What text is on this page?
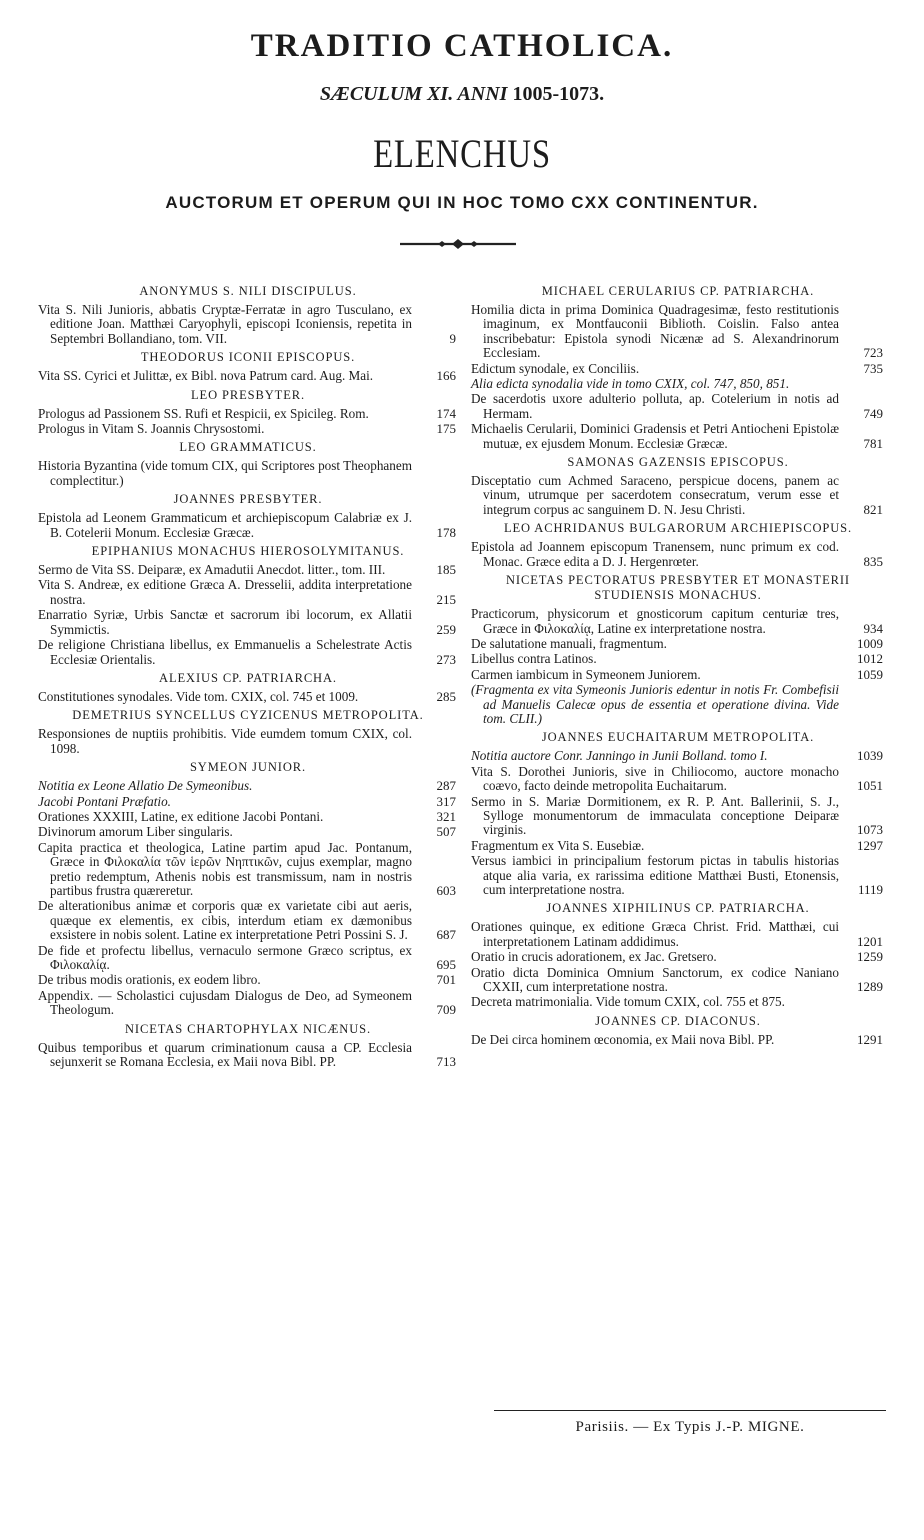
TRADITIO CATHOLICA.
SÆCULUM XI. ANNI 1005-1073.
ELENCHUS
AUCTORUM ET OPERUM QUI IN HOC TOMO CXX CONTINENTUR.
ANONYMUS S. NILI DISCIPULUS.
Vita S. Nili Junioris, abbatis Cryptæ-Ferratæ in agro Tusculano, ex editione Joan. Matthæi Caryophyli, episcopi Iconiensis, repetita in Septembri Bollandiano, tom. VII.	9
THEODORUS ICONII EPISCOPUS.
Vita SS. Cyrici et Julittæ, ex Bibl. nova Patrum card. Aug. Mai.	166
LEO PRESBYTER.
Prologus ad Passionem SS. Rufi et Respicii, ex Spicileg. Rom.	174
Prologus in Vitam S. Joannis Chrysostomi.	175
LEO GRAMMATICUS.
Historia Byzantina (vide tomum CIX, qui Scriptores post Theophanem complectitur.)
JOANNES PRESBYTER.
Epistola ad Leonem Grammaticum et archiepiscopum Calabriæ ex J. B. Cotelerii Monum. Ecclesiæ Græcæ.	178
EPIPHANIUS MONACHUS HIEROSOLYMITANUS.
Sermo de Vita SS. Deiparæ, ex Amadutii Anecdot. litter., tom. III.	185
Vita S. Andreæ, ex editione Græca A. Dresselii, addita interpretatione nostra.	215
Enarratio Syriæ, Urbis Sanctæ et sacrorum ibi locorum, ex Allatii Symmictis.	259
De religione Christiana libellus, ex Emmanuelis a Schelestrate Actis Ecclesiæ Orientalis.	273
ALEXIUS CP. PATRIARCHA.
Constitutiones synodales. Vide tom. CXIX, col. 745 et 1009.	285
DEMETRIUS SYNCELLUS CYZICENUS METROPOLITA.
Responsiones de nuptiis prohibitis. Vide eumdem tomum CXIX, col. 1098.
SYMEON JUNIOR.
Notitia ex Leone Allatio De Symeonibus.	287
Jacobi Pontani Præfatio.	317
Orationes XXXIII, Latine, ex editione Jacobi Pontani.	321
Divinorum amorum Liber singularis.	507
Capita practica et theologica, Latine partim apud Jac. Pontanum, Græce in Φιλοκαλία τῶν ἱερῶν Νηπτικῶν, cujus exemplar, magno pretio redemptum, Athenis nobis est transmissum, nam in nostris partibus frustra quæreretur.	603
De alterationibus animæ et corporis quæ ex varietate cibi aut aeris, quæque ex elementis, ex cibis, interdum etiam ex dæmonibus exsistere in nobis solent. Latine ex interpretatione Petri Possini S. J.	687
De fide et profectu libellus, vernaculo sermone Græco scriptus, ex Φιλοκαλίᾳ.	695
De tribus modis orationis, ex eodem libro.	701
Appendix. — Scholastici cujusdam Dialogus de Deo, ad Symeonem Theologum.	709
NICETAS CHARTOPHYLAX NICÆNUS.
Quibus temporibus et quarum criminationum causa a CP. Ecclesia sejunxerit se Romana Ecclesia, ex Maii nova Bibl. PP.	713
MICHAEL CERULARIUS CP. PATRIARCHA.
Homilia dicta in prima Dominica Quadragesimæ, festo restitutionis imaginum, ex Montfauconii Biblioth. Coislin. Falso antea inscribebatur: Epistola synodi Nicænæ ad S. Alexandrinorum Ecclesiam.	723
Edictum synodale, ex Conciliis.	735
Alia edicta synodalia vide in tomo CXIX, col. 747, 850, 851.
De sacerdotis uxore adulterio polluta, ap. Cotelerium in notis ad Hermam.	749
Michaelis Cerularii, Dominici Gradensis et Petri Antiocheni Epistolæ mutuæ, ex ejusdem Monum. Ecclesiæ Græcæ.	781
SAMONAS GAZENSIS EPISCOPUS.
Disceptatio cum Achmed Saraceno, perspicue docens, panem ac vinum, utrumque per sacerdotem consecratum, verum esse et integrum corpus ac sanguinem D. N. Jesu Christi.	821
LEO ACHRIDANUS BULGARORUM ARCHIEPISCOPUS.
Epistola ad Joannem episcopum Tranensem, nunc primum ex cod. Monac. Græce edita a D. J. Hergenrœter.	835
NICETAS PECTORATUS PRESBYTER ET MONASTERII STUDIENSIS MONACHUS.
Practicorum, physicorum et gnosticorum capitum centuriæ tres, Græce in Φιλοκαλίᾳ, Latine ex interpretatione nostra.	934
De salutatione manuali, fragmentum.	1009
Libellus contra Latinos.	1012
Carmen iambicum in Symeonem Juniorem.	1059
(Fragmenta ex vita Symeonis Junioris edentur in notis Fr. Combefisii ad Manuelis Calecæ opus de essentia et operatione divina. Vide tom. CLII.)
JOANNES EUCHAITARUM METROPOLITA.
Notitia auctore Conr. Janningo in Junii Bolland. tomo I.	1039
Vita S. Dorothei Junioris, sive in Chiliocomo, auctore monacho coævo, facto deinde metropolita Euchaitarum.	1051
Sermo in S. Mariæ Dormitionem, ex R. P. Ant. Ballerinii, S. J., Sylloge monumentorum de immaculata conceptione Deiparæ virginis.	1073
Fragmentum ex Vita S. Eusebiæ.	1297
Versus iambici in principalium festorum pictas in tabulis historias atque alia varia, ex rarissima editione Matthæi Busti, Etonensis, cum interpretatione nostra.	1119
JOANNES XIPHILINUS CP. PATRIARCHA.
Orationes quinque, ex editione Græca Christ. Frid. Matthæi, cui interpretationem Latinam addidimus.	1201
Oratio in crucis adorationem, ex Jac. Gretsero.	1259
Oratio dicta Dominica Omnium Sanctorum, ex codice Naniano CXXII, cum interpretatione nostra.	1289
Decreta matrimonialia. Vide tomum CXIX, col. 755 et 875.
JOANNES CP. DIACONUS.
De Dei circa hominem œconomia, ex Maii nova Bibl. PP.	1291
Parisiis. — Ex Typis J.-P. MIGNE.
